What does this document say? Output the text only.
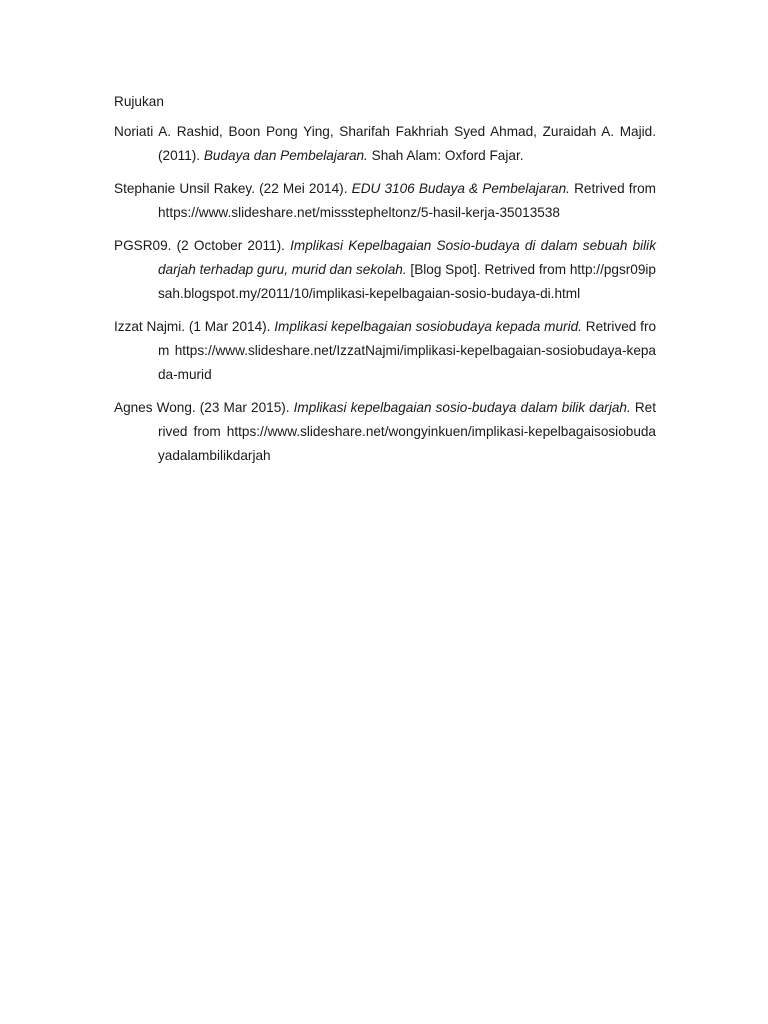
Rujukan

Noriati A. Rashid, Boon Pong Ying, Sharifah Fakhriah Syed Ahmad, Zuraidah A. Majid. (2011). Budaya dan Pembelajaran. Shah Alam: Oxford Fajar.

Stephanie Unsil Rakey. (22 Mei 2014). EDU 3106 Budaya & Pembelajaran. Retrived from https://www.slideshare.net/missstepheltonz/5-hasil-kerja-35013538

PGSR09. (2 October 2011). Implikasi Kepelbagaian Sosio-budaya di dalam sebuah bilik darjah terhadap guru, murid dan sekolah. [Blog Spot]. Retrived from http://pgsr09ipsah.blogspot.my/2011/10/implikasi-kepelbagaian-sosio-budaya-di.html

Izzat Najmi. (1 Mar 2014). Implikasi kepelbagaian sosiobudaya kepada murid. Retrived from https://www.slideshare.net/IzzatNajmi/implikasi-kepelbagaian-sosiobudaya-kepada-murid

Agnes Wong. (23 Mar 2015). Implikasi kepelbagaian sosio-budaya dalam bilik darjah. Retrived from https://www.slideshare.net/wongyinkuen/implikasi-kepelbagaisosiobudayadalambilikdarjah
